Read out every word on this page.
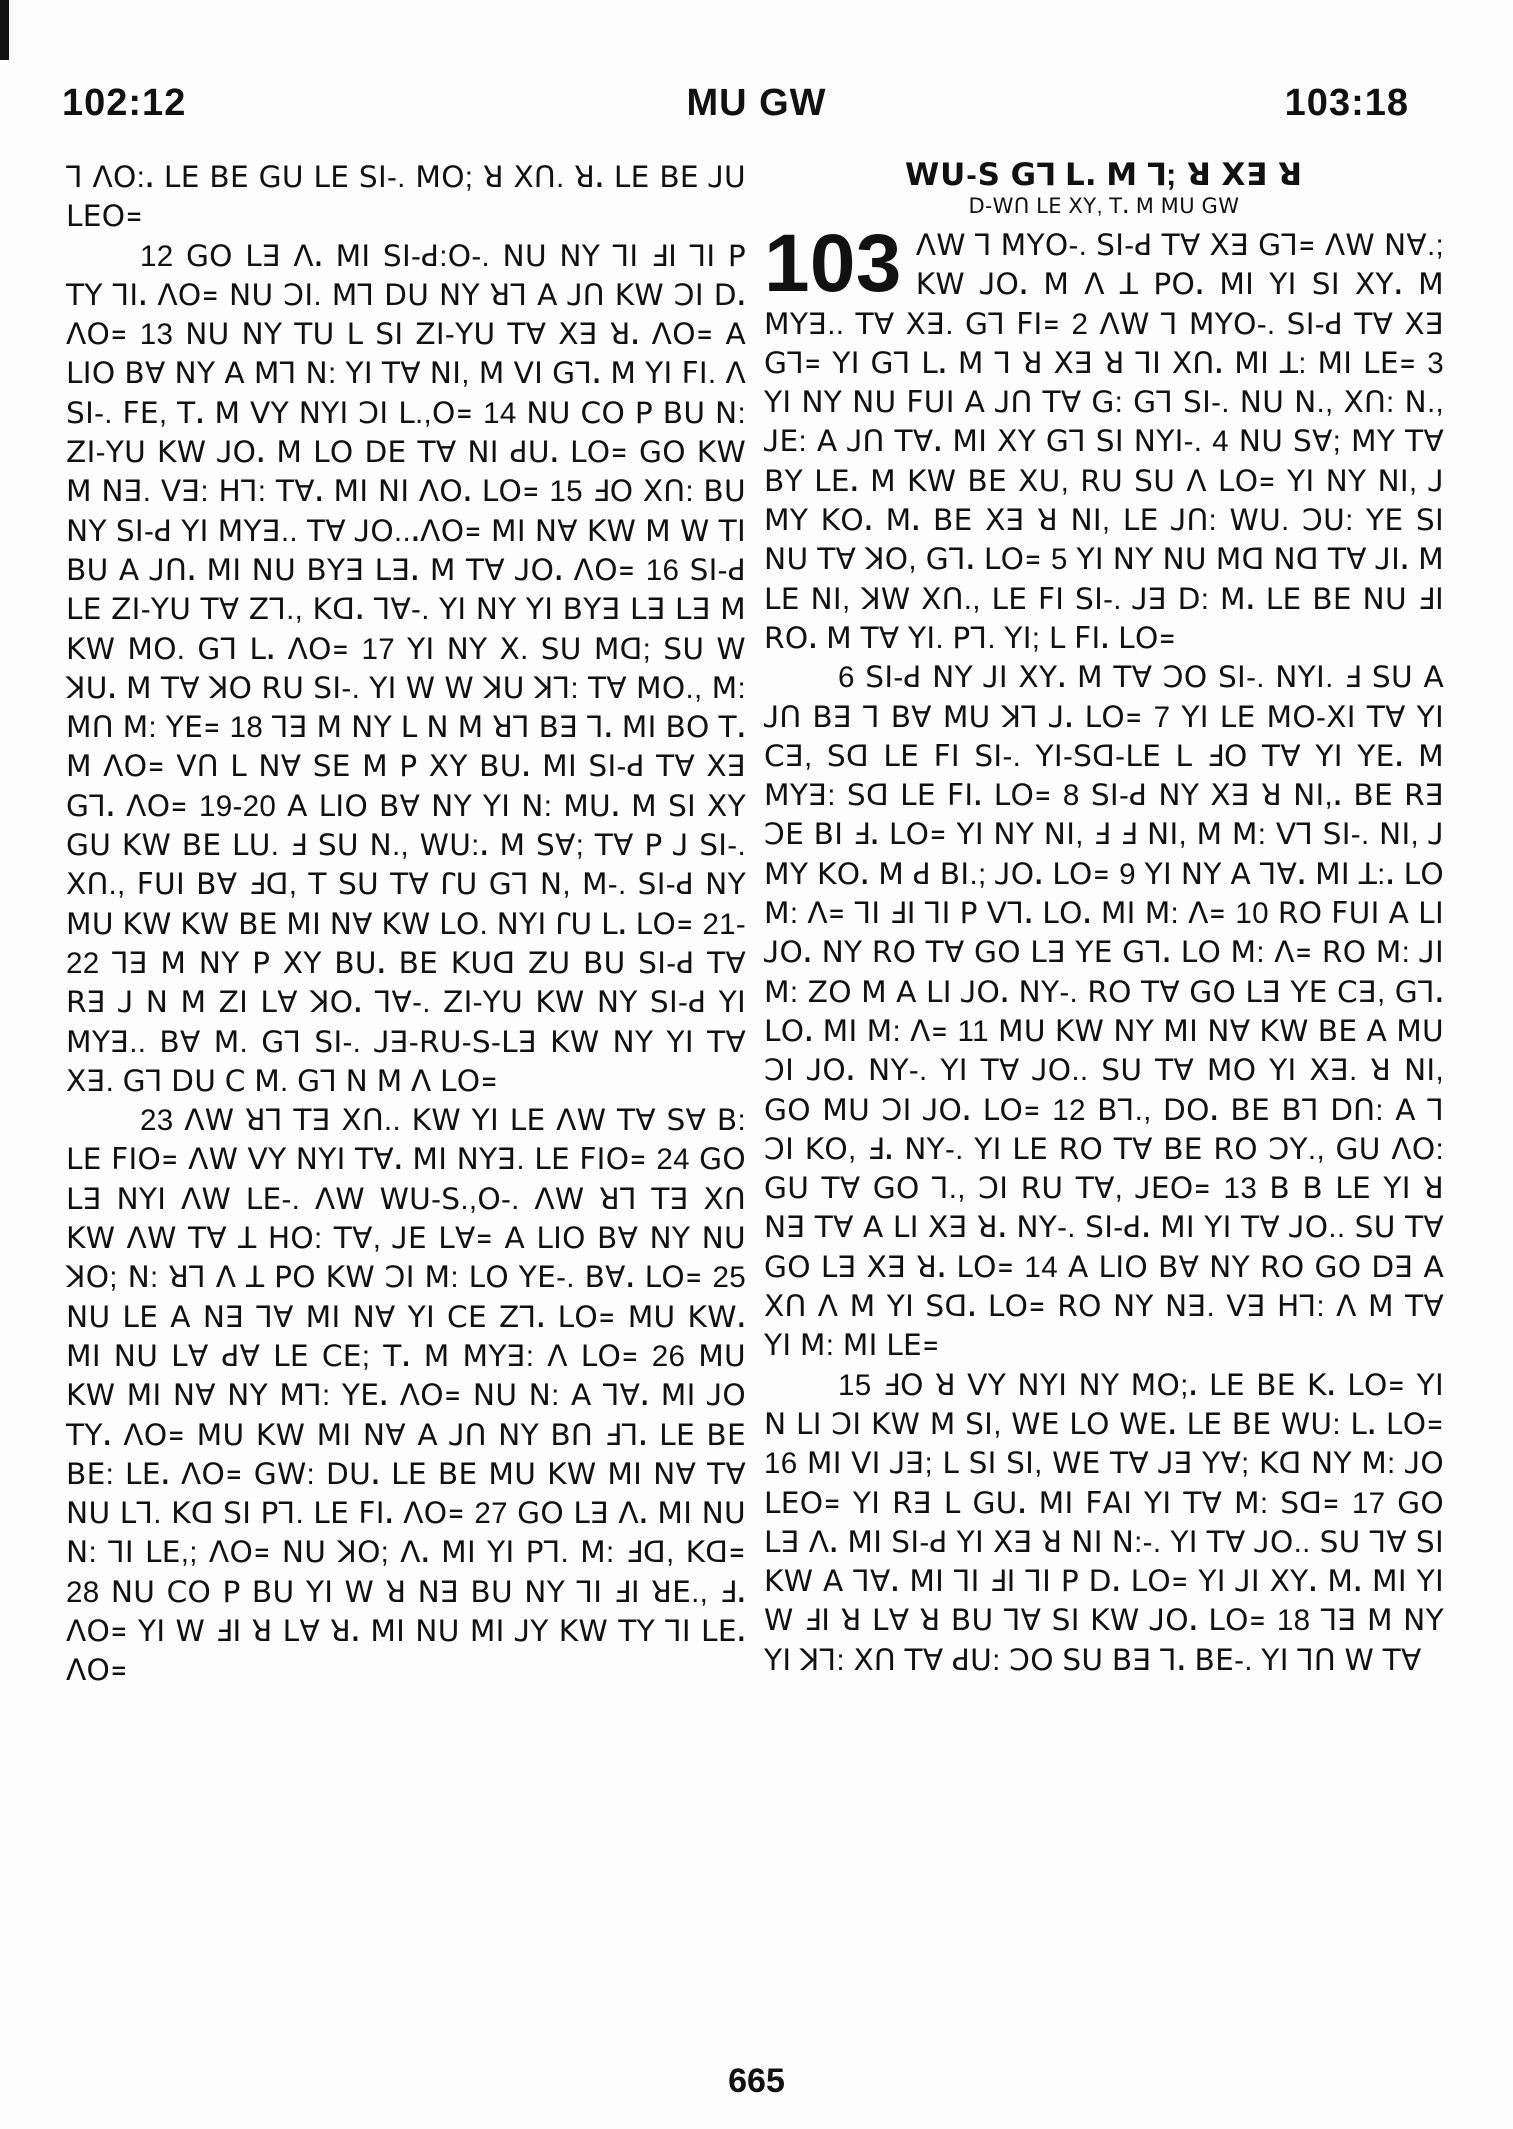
102:12	MU GW	103:18

ꓶ ꓥꓳ:ꓸ ꓡꓰ ꓐꓰ ꓖꓴ ꓡꓰ ꓢꓲ-. ꓟꓳ; ꓤ ꓫꓵ. ꓤꓸ ꓡꓰ ꓐꓰ ꓙꓴ ꓡꓰꓳ꓿

12 ꓖꓳ ꓡꓱ ꓥꓸ ꓟꓲ ꓢꓲ-ꓒ:ꓳ-. ꓠꓴ ꓠꓬ ꓶꓲ ꓞꓲ ꓶꓲ ꓑ ꓔꓬ ꓶꓲꓸ ꓥꓳ꓿ ꓠꓴ ꓛꓲ. ꓟꓶ ꓓꓴ ꓠꓬ ꓤꓶ ꓮ ꓙꓵ ꓗꓪ ꓛꓲ ꓓꓸ ꓥꓳ꓿ 13 ꓠꓴ ꓠꓬ ꓔꓴ ꓡ ꓢꓲ ꓜꓲ-ꓬꓴ ꓔꓯ ꓫꓱ ꓤꓸ ꓥꓳ꓿ ꓮ ꓡꓲꓳ ꓐꓯ ꓠꓬ ꓮ ꓟꓶ ꓠ: ꓬꓲ ꓔꓯ ꓠꓲ, ꓟ ꓦꓲ ꓖꓶꓸ ꓟ ꓬꓲ ꓝꓲ. ꓥ ꓢꓲ-. ꓝꓰ, ꓔꓸ ꓟ ꓦꓬ ꓠꓬꓲ ꓛꓲ ꓡ.,ꓳ꓿ 14 ꓠꓴ ꓚꓳ ꓑ ꓐꓴ ꓠ: ꓜꓲ-ꓬꓴ ꓗꓪ ꓙꓳꓸ ꓟ ꓡꓳ ꓓꓰ ꓔꓯ ꓠꓲ ꓒꓴꓸ ꓡꓳ꓿ ꓖꓳ ꓗꓪ ꓟ ꓠꓱ. ꓦꓱ: ꓧꓶ: ꓔꓯꓸ ꓟꓲ ꓠꓲ ꓥꓳꓸ ꓡꓳ꓿ 15 ꓞꓳ ꓫꓵ: ꓐꓴ ꓠꓬ ꓢꓲ-ꓒ ꓬꓲ ꓟꓬꓱ.. ꓔꓯ ꓙꓳ..ꓸꓥꓳ꓿ ꓟꓲ ꓠꓯ ꓗꓪ ꓟ ꓪ ꓔꓲ ꓐꓴ ꓮ ꓙꓵꓸ ꓟꓲ ꓠꓴ ꓐꓬꓱ ꓡꓱꓸ ꓟ ꓔꓯ ꓙꓳꓸ ꓥꓳ꓿ 16 ꓢꓲ-ꓒ ꓡꓰ ꓜꓲ-ꓬꓴ ꓔꓯ ꓜꓶ., ꓗꓷꓸ ꓶꓯ-. ꓬꓲ ꓠꓬ ꓬꓲ ꓐꓬꓱ ꓡꓱ ꓡꓱ ꓟ ꓗꓪ ꓟꓳ. ꓖꓶ ꓡꓸ ꓥꓳ꓿ 17 ꓬꓲ ꓠꓬ ꓫ. ꓢꓴ ꓟꓷ; ꓢꓴ ꓪ ꓘꓴꓸ ꓟ ꓔꓯ ꓘꓳ ꓣꓴ ꓢꓲ-. ꓬꓲ ꓪ ꓪ ꓘꓴ ꓘꓶ: ꓔꓯ ꓟꓳ., ꓟ: ꓟꓵ ꓟ: ꓬꓰ꓿ 18 ꓶꓱ ꓟ ꓠꓬ ꓡ ꓠ ꓟ ꓤꓶ ꓐꓱ ꓶꓸ ꓟꓲ ꓐꓳ ꓔꓸ ꓟ ꓥꓳ꓿ ꓦꓵ ꓡ ꓠꓯ ꓢꓰ ꓟ ꓑ ꓫꓬ ꓐꓴꓸ ꓟꓲ ꓢꓲ-ꓒ ꓔꓯ ꓫꓱ ꓖꓶꓸ ꓥꓳ꓿ 19-20 ꓮ ꓡꓲꓳ ꓐꓯ ꓠꓬ ꓬꓲ ꓠ: ꓟꓴꓸ ꓟ ꓢꓲ ꓫꓬ ꓖꓴ ꓗꓪ ꓐꓰ ꓡꓴ. ꓞ ꓢꓴ ꓠ., ꓪꓴ:ꓸ ꓟ ꓢꓯ; ꓔꓯ ꓑ ꓙ ꓢꓲ-. ꓫꓵ., ꓝꓴꓲ ꓐꓯ ꓞꓷ, ꓔ ꓢꓴ ꓔꓯ ꓩꓴ ꓖꓶ ꓠ, ꓟ-. ꓢꓲ-ꓒ ꓠꓬ ꓟꓴ ꓗꓪ ꓗꓪ ꓐꓰ ꓟꓲ ꓠꓯ ꓗꓪ ꓡꓳ. ꓠꓬꓲ ꓩꓴ ꓡꓸ ꓡꓳ꓿ 21-22 ꓶꓱ ꓟ ꓠꓬ ꓑ ꓫꓬ ꓐꓴꓸ ꓐꓰ ꓗꓴꓷ ꓜꓴ ꓐꓴ ꓢꓲ-ꓒ ꓔꓯ ꓣꓱ ꓙ ꓠ ꓟ ꓜꓲ ꓡꓯ ꓘꓳꓸ ꓶꓯ-. ꓜꓲ-ꓬꓴ ꓗꓪ ꓠꓬ ꓢꓲ-ꓒ ꓬꓲ ꓟꓬꓱ.. ꓐꓯ ꓟ. ꓖꓶ ꓢꓲ-. ꓙꓱ-ꓣꓴ-ꓢ-ꓡꓱ ꓗꓪ ꓠꓬ ꓬꓲ ꓔꓯ ꓫꓱ. ꓖꓶ ꓓꓴ ꓚ ꓟ. ꓖꓶ ꓠ ꓟ ꓥ ꓡꓳ꓿

23 ꓥꓪ ꓤꓶ ꓔꓱ ꓫꓵ.. ꓗꓪ ꓬꓲ ꓡꓰ ꓥꓪ ꓔꓯ ꓢꓯ ꓐ: ꓡꓰ ꓝꓲꓳ꓿ ꓥꓪ ꓦꓬ ꓠꓬꓲ ꓔꓯꓸ ꓟꓲ ꓠꓬꓱ. ꓡꓰ ꓝꓲꓳ꓿ 24 ꓖꓳ ꓡꓱ ꓠꓬꓲ ꓥꓪ ꓡꓰ-. ꓥꓪ ꓪꓴ-ꓢ.,ꓳ-. ꓥꓪ ꓤꓶ ꓔꓱ ꓫꓵ ꓗꓪ ꓥꓪ ꓔꓯ ꓕ ꓧꓳ: ꓔꓯ, ꓙꓰ ꓡꓯ꓿ ꓮ ꓡꓲꓳ ꓐꓯ ꓠꓬ ꓠꓴ ꓘꓳ; ꓠ: ꓤꓶ ꓥ ꓕ ꓑꓳ ꓗꓪ ꓛꓲ ꓟ: ꓡꓳ ꓬꓰ-. ꓐꓯꓸ ꓡꓳ꓿ 25 ꓠꓴ ꓡꓰ ꓮ ꓠꓱ ꓶꓯ ꓟꓲ ꓠꓯ ꓬꓲ ꓚꓰ ꓜꓶꓸ ꓡꓳ꓿ ꓟꓴ ꓗꓪꓸ ꓟꓲ ꓠꓴ ꓡꓯ ꓒꓯ ꓡꓰ ꓚꓰ; ꓔꓸ ꓟ ꓟꓬꓱ: ꓥ ꓡꓳ꓿ 26 ꓟꓴ ꓗꓪ ꓟꓲ ꓠꓯ ꓠꓬ ꓟꓶ: ꓬꓰꓸ ꓥꓳ꓿ ꓠꓴ ꓠ: ꓮ ꓶꓯꓸ ꓟꓲ ꓙꓳ ꓔꓬꓸ ꓥꓳ꓿ ꓟꓴ ꓗꓪ ꓟꓲ ꓠꓯ ꓮ ꓙꓵ ꓠꓬ ꓐꓵ ꓞꓶꓸ ꓡꓰ ꓐꓰ ꓐꓰ: ꓡꓰꓸ ꓥꓳ꓿ ꓖꓪ: ꓓꓴꓸ ꓡꓰ ꓐꓰ ꓟꓴ ꓗꓪ ꓟꓲ ꓠꓯ ꓔꓯ ꓠꓴ ꓡꓶ. ꓗꓷ ꓢꓲ ꓑꓶ. ꓡꓰ ꓝꓲꓸ ꓥꓳ꓿ 27 ꓖꓳ ꓡꓱ ꓥꓸ ꓟꓲ ꓠꓴ ꓠ: ꓶꓲ ꓡꓰ,; ꓥꓳ꓿ ꓠꓴ ꓘꓳ; ꓥꓸ ꓟꓲ ꓬꓲ ꓑꓶ. ꓟ: ꓞꓷ, ꓗꓷ꓿ 28 ꓠꓴ ꓚꓳ ꓑ ꓐꓴ ꓬꓲ ꓪ ꓤ ꓠꓱ ꓐꓴ ꓠꓬ ꓶꓲ ꓞꓲ ꓤꓰ., ꓞꓸ ꓥꓳ꓿ ꓬꓲ ꓪ ꓞꓲ ꓤ ꓡꓯ ꓤꓸ ꓟꓲ ꓠꓴ ꓟꓲ ꓙꓬ ꓗꓪ ꓔꓬ ꓶꓲ ꓡꓰꓸ ꓥꓳ꓿

ꓪꓴ-ꓢ ꓖꓶ ꓡꓸ ꓟ ꓶ; ꓤ ꓫꓱ ꓤ
ꓓ-ꓪꓵ ꓡꓰ ꓫꓬ, ꓔꓸ ꓟ ꓟꓴ ꓖꓪ

103 ꓥꓪ ꓶ ꓟꓬꓳ-. ꓢꓲ-ꓒ ꓔꓯ ꓫꓱ ꓖꓶ꓿ ꓥꓪ ꓠꓯ.; ꓗꓪ ꓙꓳꓸ ꓟ ꓥ ꓕ ꓑꓳꓸ ꓟꓲ ꓬꓲ ꓢꓲ ꓫꓬꓸ ꓟ ꓟꓬꓱ.. ꓔꓯ ꓫꓱ. ꓖꓶ ꓝꓲ꓿ 2 ꓥꓪ ꓶ ꓟꓬꓳ-. ꓢꓲ-ꓒ ꓔꓯ ꓫꓱ ꓖꓶ꓿ ꓬꓲ ꓖꓶ ꓡꓸ ꓟ ꓶ ꓤ ꓫꓱ ꓤ ꓶꓲ ꓫꓵꓸ ꓟꓲ ꓕ: ꓟꓲ ꓡꓰ꓿ 3 ꓬꓲ ꓠꓬ ꓠꓴ ꓝꓴꓲ ꓮ ꓙꓵ ꓔꓯ ꓖ: ꓖꓶ ꓢꓲ-. ꓠꓴ ꓠ., ꓫꓵ: ꓠ., ꓙꓰ: ꓮ ꓙꓵ ꓔꓯꓸ ꓟꓲ ꓫꓬ ꓖꓶ ꓢꓲ ꓠꓬꓲ-. 4 ꓠꓴ ꓢꓯ; ꓟꓬ ꓔꓯ ꓐꓬ ꓡꓰꓸ ꓟ ꓗꓪ ꓐꓰ ꓫꓴ, ꓣꓴ ꓢꓴ ꓥ ꓡꓳ꓿ ꓬꓲ ꓠꓬ ꓠꓲ, ꓙ ꓟꓬ ꓗꓳꓸ ꓟꓸ ꓐꓰ ꓫꓱ ꓤ ꓠꓲ, ꓡꓰ ꓙꓵ: ꓪꓴ. ꓛꓴ: ꓬꓰ ꓢꓲ ꓠꓴ ꓔꓯ ꓘꓳ, ꓖꓶꓸ ꓡꓳ꓿ 5 ꓬꓲ ꓠꓬ ꓠꓴ ꓟꓷ ꓠꓷ ꓔꓯ ꓙꓲꓸ ꓟ ꓡꓰ ꓠꓲ, ꓘꓪ ꓫꓵ., ꓡꓰ ꓝꓲ ꓢꓲ-. ꓙꓱ ꓓ: ꓟꓸ ꓡꓰ ꓐꓰ ꓠꓴ ꓞꓲ ꓣꓳꓸ ꓟ ꓔꓯ ꓬꓲ. ꓑꓶ. ꓬꓲ; ꓡ ꓝꓲꓸ ꓡꓳ꓿

6 ꓢꓲ-ꓒ ꓠꓬ ꓙꓲ ꓫꓬꓸ ꓟ ꓔꓯ ꓛꓳ ꓢꓲ-. ꓠꓬꓲ. ꓞ ꓢꓴ ꓮ ꓙꓵ ꓐꓱ ꓶ ꓐꓯ ꓟꓴ ꓘꓶ ꓙꓸ ꓡꓳ꓿ 7 ꓬꓲ ꓡꓰ ꓟꓳ-ꓫꓲ ꓔꓯ ꓬꓲ ꓚꓱ, ꓢꓷ ꓡꓰ ꓝꓲ ꓢꓲ-. ꓬꓲ-ꓢꓷ-ꓡꓰ ꓡ ꓞꓳ ꓔꓯ ꓬꓲ ꓬꓰꓸ ꓟ ꓟꓬꓱ: ꓢꓷ ꓡꓰ ꓝꓲꓸ ꓡꓳ꓿ 8 ꓢꓲ-ꓒ ꓠꓬ ꓫꓱ ꓤ ꓠꓲ,ꓸ ꓐꓰ ꓣꓱ ꓛꓰ ꓐꓲ ꓞꓸ ꓡꓳ꓿ ꓬꓲ ꓠꓬ ꓠꓲ, ꓞ ꓞ ꓠꓲ, ꓟ ꓟ: ꓦꓶ ꓢꓲ-. ꓠꓲ, ꓙ ꓟꓬ ꓗꓳꓸ ꓟ ꓒ ꓐꓲ.; ꓙꓳꓸ ꓡꓳ꓿ 9 ꓬꓲ ꓠꓬ ꓮ ꓶꓯꓸ ꓟꓲ ꓕ:ꓸ ꓡꓳ ꓟ: ꓥ꓿ ꓶꓲ ꓞꓲ ꓶꓲ ꓑ ꓦꓶꓸ ꓡꓳꓸ ꓟꓲ ꓟ: ꓥ꓿ 10 ꓣꓳ ꓝꓴꓲ ꓮ ꓡꓲ ꓙꓳꓸ ꓠꓬ ꓣꓳ ꓔꓯ ꓖꓳ ꓡꓱ ꓬꓰ ꓖꓶꓸ ꓡꓳ ꓟ: ꓥ꓿ ꓣꓳ ꓟ: ꓙꓲ ꓟ: ꓜꓳ ꓟ ꓮ ꓡꓲ ꓙꓳꓸ ꓠꓬ-. ꓣꓳ ꓔꓯ ꓖꓳ ꓡꓱ ꓬꓰ ꓚꓱ, ꓖꓶꓸ ꓡꓳꓸ ꓟꓲ ꓟ: ꓥ꓿ 11 ꓟꓴ ꓗꓪ ꓠꓬ ꓟꓲ ꓠꓯ ꓗꓪ ꓐꓰ ꓮ ꓟꓴ ꓛꓲ ꓙꓳꓸ ꓠꓬ-. ꓬꓲ ꓔꓯ ꓙꓳ.. ꓢꓴ ꓔꓯ ꓟꓳ ꓬꓲ ꓫꓱ. ꓤ ꓠꓲ, ꓖꓳ ꓟꓴ ꓛꓲ ꓙꓳꓸ ꓡꓳ꓿ 12 ꓐꓶ., ꓓꓳꓸ ꓐꓰ ꓐꓶ ꓓꓵ: ꓮ ꓶ ꓛꓲ ꓗꓳ, ꓞꓸ ꓠꓬ-. ꓬꓲ ꓡꓰ ꓣꓳ ꓔꓯ ꓐꓰ ꓣꓳ ꓛꓬ., ꓖꓴ ꓥꓳ: ꓖꓴ ꓔꓯ ꓖꓳ ꓶ., ꓛꓲ ꓣꓴ ꓔꓯ, ꓙꓰꓳ꓿ 13 ꓐ ꓐ ꓡꓰ ꓬꓲ ꓤ ꓠꓱ ꓔꓯ ꓮ ꓡꓲ ꓫꓱ ꓤꓸ ꓠꓬ-. ꓢꓲ-ꓒꓸ ꓟꓲ ꓬꓲ ꓔꓯ ꓙꓳ.. ꓢꓴ ꓔꓯ ꓖꓳ ꓡꓱ ꓫꓱ ꓤꓸ ꓡꓳ꓿ 14 ꓮ ꓡꓲꓳ ꓐꓯ ꓠꓬ ꓣꓳ ꓖꓳ ꓓꓱ ꓮ ꓫꓵ ꓥ ꓟ ꓬꓲ ꓢꓷꓸ ꓡꓳ꓿ ꓣꓳ ꓠꓬ ꓠꓱ. ꓦꓱ ꓧꓶ: ꓥ ꓟ ꓔꓯ ꓬꓲ ꓟ: ꓟꓲ ꓡꓰ꓿

15 ꓞꓳ ꓤ ꓦꓬ ꓠꓬꓲ ꓠꓬ ꓟꓳ;ꓸ ꓡꓰ ꓐꓰ ꓗꓸ ꓡꓳ꓿ ꓬꓲ ꓠ ꓡꓲ ꓛꓲ ꓗꓪ ꓟ ꓢꓲ, ꓪꓰ ꓡꓳ ꓪꓰꓸ ꓡꓰ ꓐꓰ ꓪꓴ: ꓡꓸ ꓡꓳ꓿ 16 ꓟꓲ ꓦꓲ ꓙꓱ; ꓡ ꓢꓲ ꓢꓲ, ꓪꓰ ꓔꓯ ꓙꓱ ꓬꓯ; ꓗꓷ ꓠꓬ ꓟ: ꓙꓳ ꓡꓰꓳ꓿ ꓬꓲ ꓣꓱ ꓡ ꓖꓴꓸ ꓟꓲ ꓝꓮꓲ ꓬꓲ ꓔꓯ ꓟ: ꓢꓷ꓿ 17 ꓖꓳ ꓡꓱ ꓥꓸ ꓟꓲ ꓢꓲ-ꓒ ꓬꓲ ꓫꓱ ꓤ ꓠꓲ ꓠ:-. ꓬꓲ ꓔꓯ ꓙꓳ.. ꓢꓴ ꓶꓯ ꓢꓲ ꓗꓪ ꓮ ꓶꓯꓸ ꓟꓲ ꓶꓲ ꓞꓲ ꓶꓲ ꓑ ꓓꓸ ꓡꓳ꓿ ꓬꓲ ꓙꓲ ꓫꓬꓸ ꓟꓸ ꓟꓲ ꓬꓲ ꓪ ꓞꓲ ꓤ ꓡꓯ ꓤ ꓐꓴ ꓶꓯ ꓢꓲ ꓗꓪ ꓙꓳꓸ ꓡꓳ꓿ 18 ꓶꓱ ꓟ ꓠꓬ ꓬꓲ ꓘꓶ: ꓫꓵ ꓔꓯ ꓒꓴ: ꓛꓳ ꓢꓴ ꓐꓱ ꓶꓸ ꓐꓰ-. ꓬꓲ ꓶꓵ ꓪ ꓔꓯ

665
